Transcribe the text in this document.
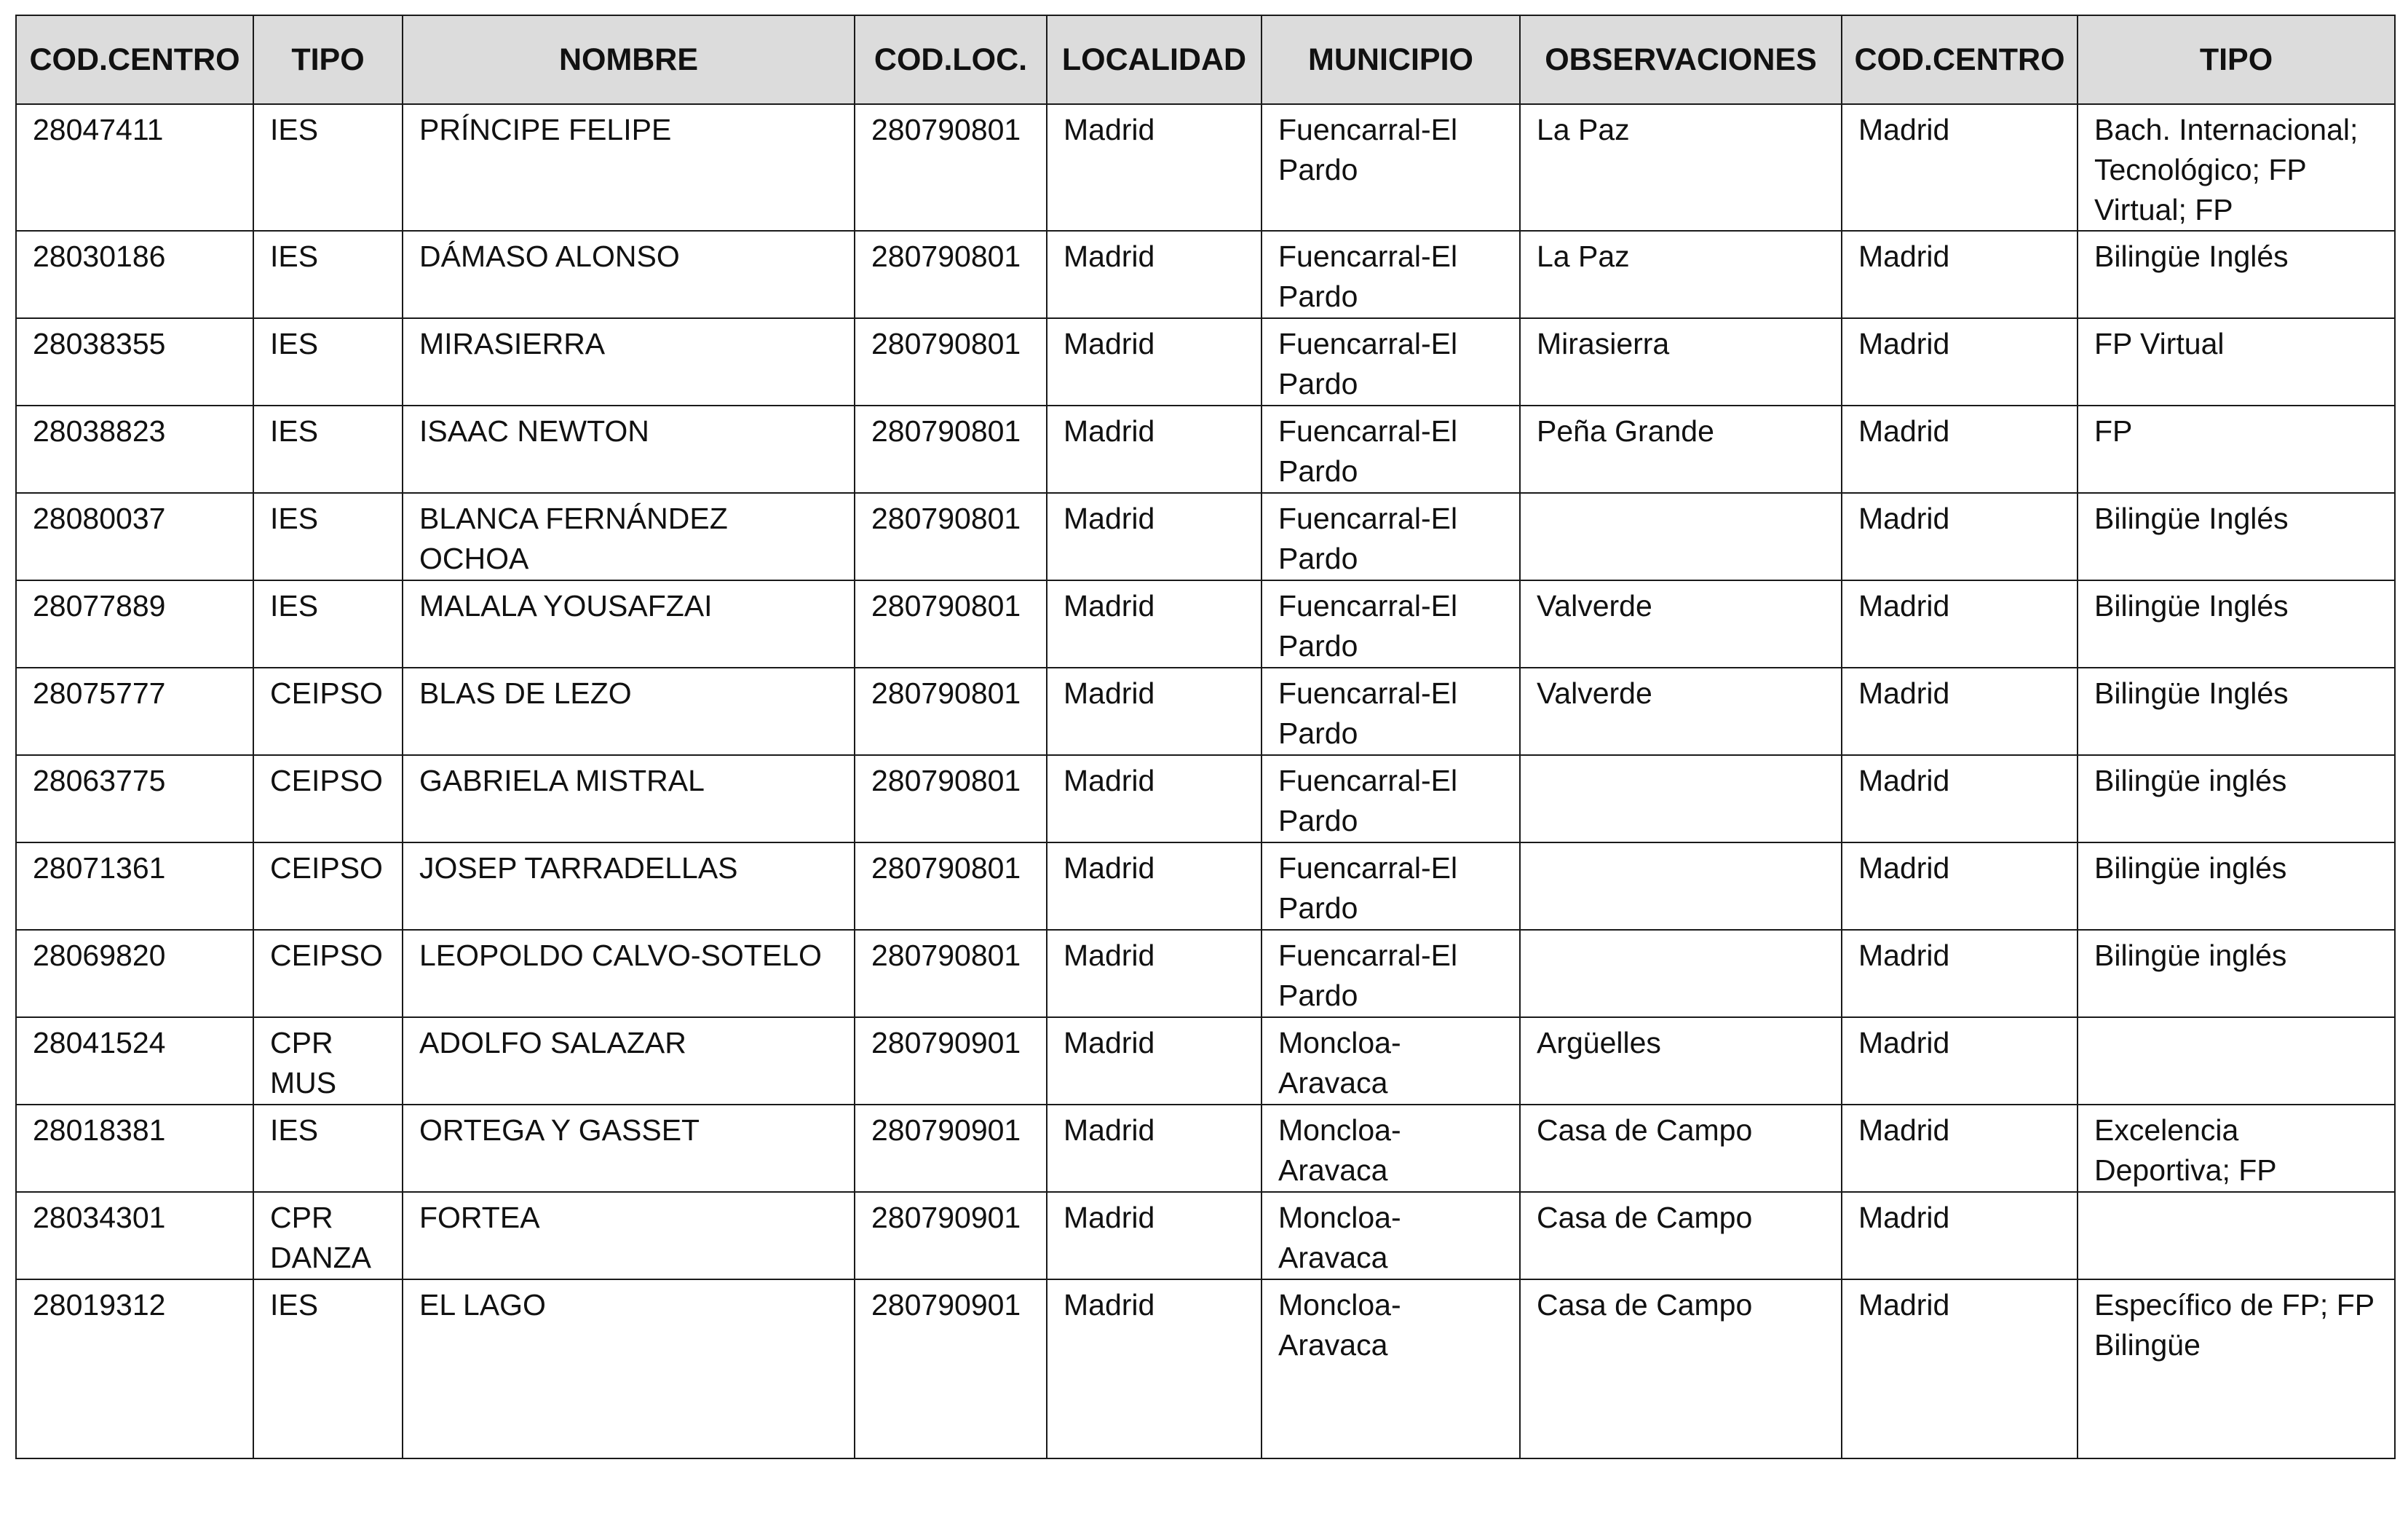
COD.CENTRO	TIPO	NOMBRE	COD.LOC.	LOCALIDAD	MUNICIPIO	OBSERVACIONES	COD.CENTRO	TIPO
28047411	IES	PRÍNCIPE FELIPE	280790801	Madrid	Fuencarral-El Pardo	La Paz	Madrid	Bach. Internacional; Tecnológico; FP Virtual; FP
28030186	IES	DÁMASO ALONSO	280790801	Madrid	Fuencarral-El Pardo	La Paz	Madrid	Bilingüe Inglés
28038355	IES	MIRASIERRA	280790801	Madrid	Fuencarral-El Pardo	Mirasierra	Madrid	FP Virtual
28038823	IES	ISAAC NEWTON	280790801	Madrid	Fuencarral-El Pardo	Peña Grande	Madrid	FP
28080037	IES	BLANCA FERNÁNDEZ OCHOA	280790801	Madrid	Fuencarral-El Pardo		Madrid	Bilingüe Inglés
28077889	IES	MALALA YOUSAFZAI	280790801	Madrid	Fuencarral-El Pardo	Valverde	Madrid	Bilingüe Inglés
28075777	CEIPSO	BLAS DE LEZO	280790801	Madrid	Fuencarral-El Pardo	Valverde	Madrid	Bilingüe Inglés
28063775	CEIPSO	GABRIELA MISTRAL	280790801	Madrid	Fuencarral-El Pardo		Madrid	Bilingüe inglés
28071361	CEIPSO	JOSEP TARRADELLAS	280790801	Madrid	Fuencarral-El Pardo		Madrid	Bilingüe inglés
28069820	CEIPSO	LEOPOLDO CALVO-SOTELO	280790801	Madrid	Fuencarral-El Pardo		Madrid	Bilingüe inglés
28041524	CPR MUS	ADOLFO SALAZAR	280790901	Madrid	Moncloa-Aravaca	Argüelles	Madrid	
28018381	IES	ORTEGA Y GASSET	280790901	Madrid	Moncloa-Aravaca	Casa de Campo	Madrid	Excelencia Deportiva; FP
28034301	CPR DANZA	FORTEA	280790901	Madrid	Moncloa-Aravaca	Casa de Campo	Madrid	
28019312	IES	EL LAGO	280790901	Madrid	Moncloa-Aravaca	Casa de Campo	Madrid	Específico de FP; FP Bilingüe
